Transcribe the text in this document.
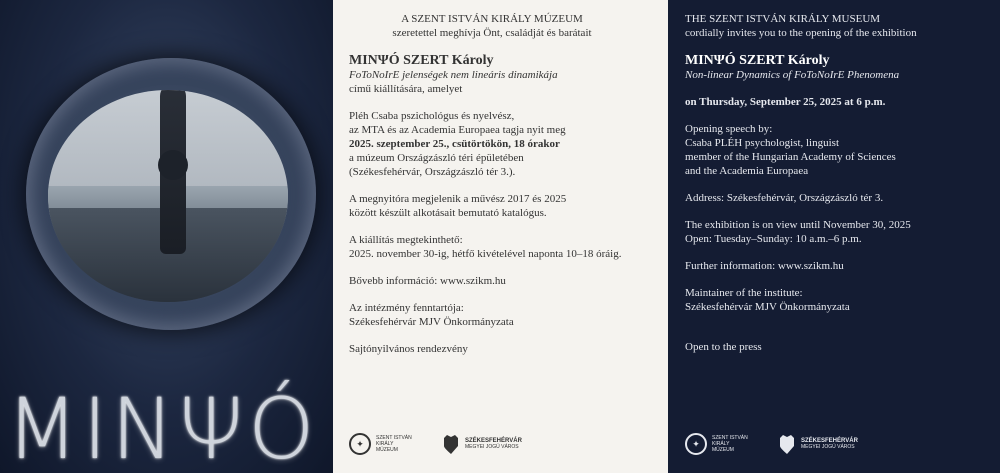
MINΨÓ

A SZENT ISTVÁN KIRÁLY MÚZEUM

szeretettel meghívja Önt, családját és barátait

MINΨÓ SZERT Károly

FoToNoIrE jelenségek nem lineáris dinamikája

című kiállítására, amelyet

Pléh Csaba pszichológus és nyelvész,

az MTA és az Academia Europaea tagja nyit meg

2025. szeptember 25., csütörtökön, 18 órakor

a múzeum Országzászló téri épületében

(Székesfehérvár, Országzászló tér 3.).

A megnyitóra megjelenik a művész 2017 és 2025

között készült alkotásait bemutató katalógus.

A kiállítás megtekinthető:

2025. november 30-ig, hétfő kivételével naponta 10–18 óráig.

Bővebb információ: www.szikm.hu

Az intézmény fenntartója:

Székesfehérvár MJV Önkormányzata

Sajtónyilvános rendezvény

✦
SZENT ISTVÁN KIRÁLY MÚZEUM
SZÉKESFEHÉRVÁR
MEGYEI JOGÚ VÁROS

THE SZENT ISTVÁN KIRÁLY MUSEUM

cordially invites you to the opening of the exhibition

MINΨÓ SZERT Károly

Non-linear Dynamics of FoToNoIrE Phenomena

on Thursday, September 25, 2025 at 6 p.m.

Opening speech by:

Csaba PLÉH psychologist, linguist

member of the Hungarian Academy of Sciences

and the Academia Europaea

Address: Székesfehérvár, Országzászló tér 3.

The exhibition is on view until November 30, 2025

Open: Tuesday–Sunday: 10 a.m.–6 p.m.

Further information: www.szikm.hu

Maintainer of the institute:

Székesfehérvár MJV Önkormányzata

Open to the press

✦
SZENT ISTVÁN KIRÁLY MÚZEUM
SZÉKESFEHÉRVÁR
MEGYEI JOGÚ VÁROS
